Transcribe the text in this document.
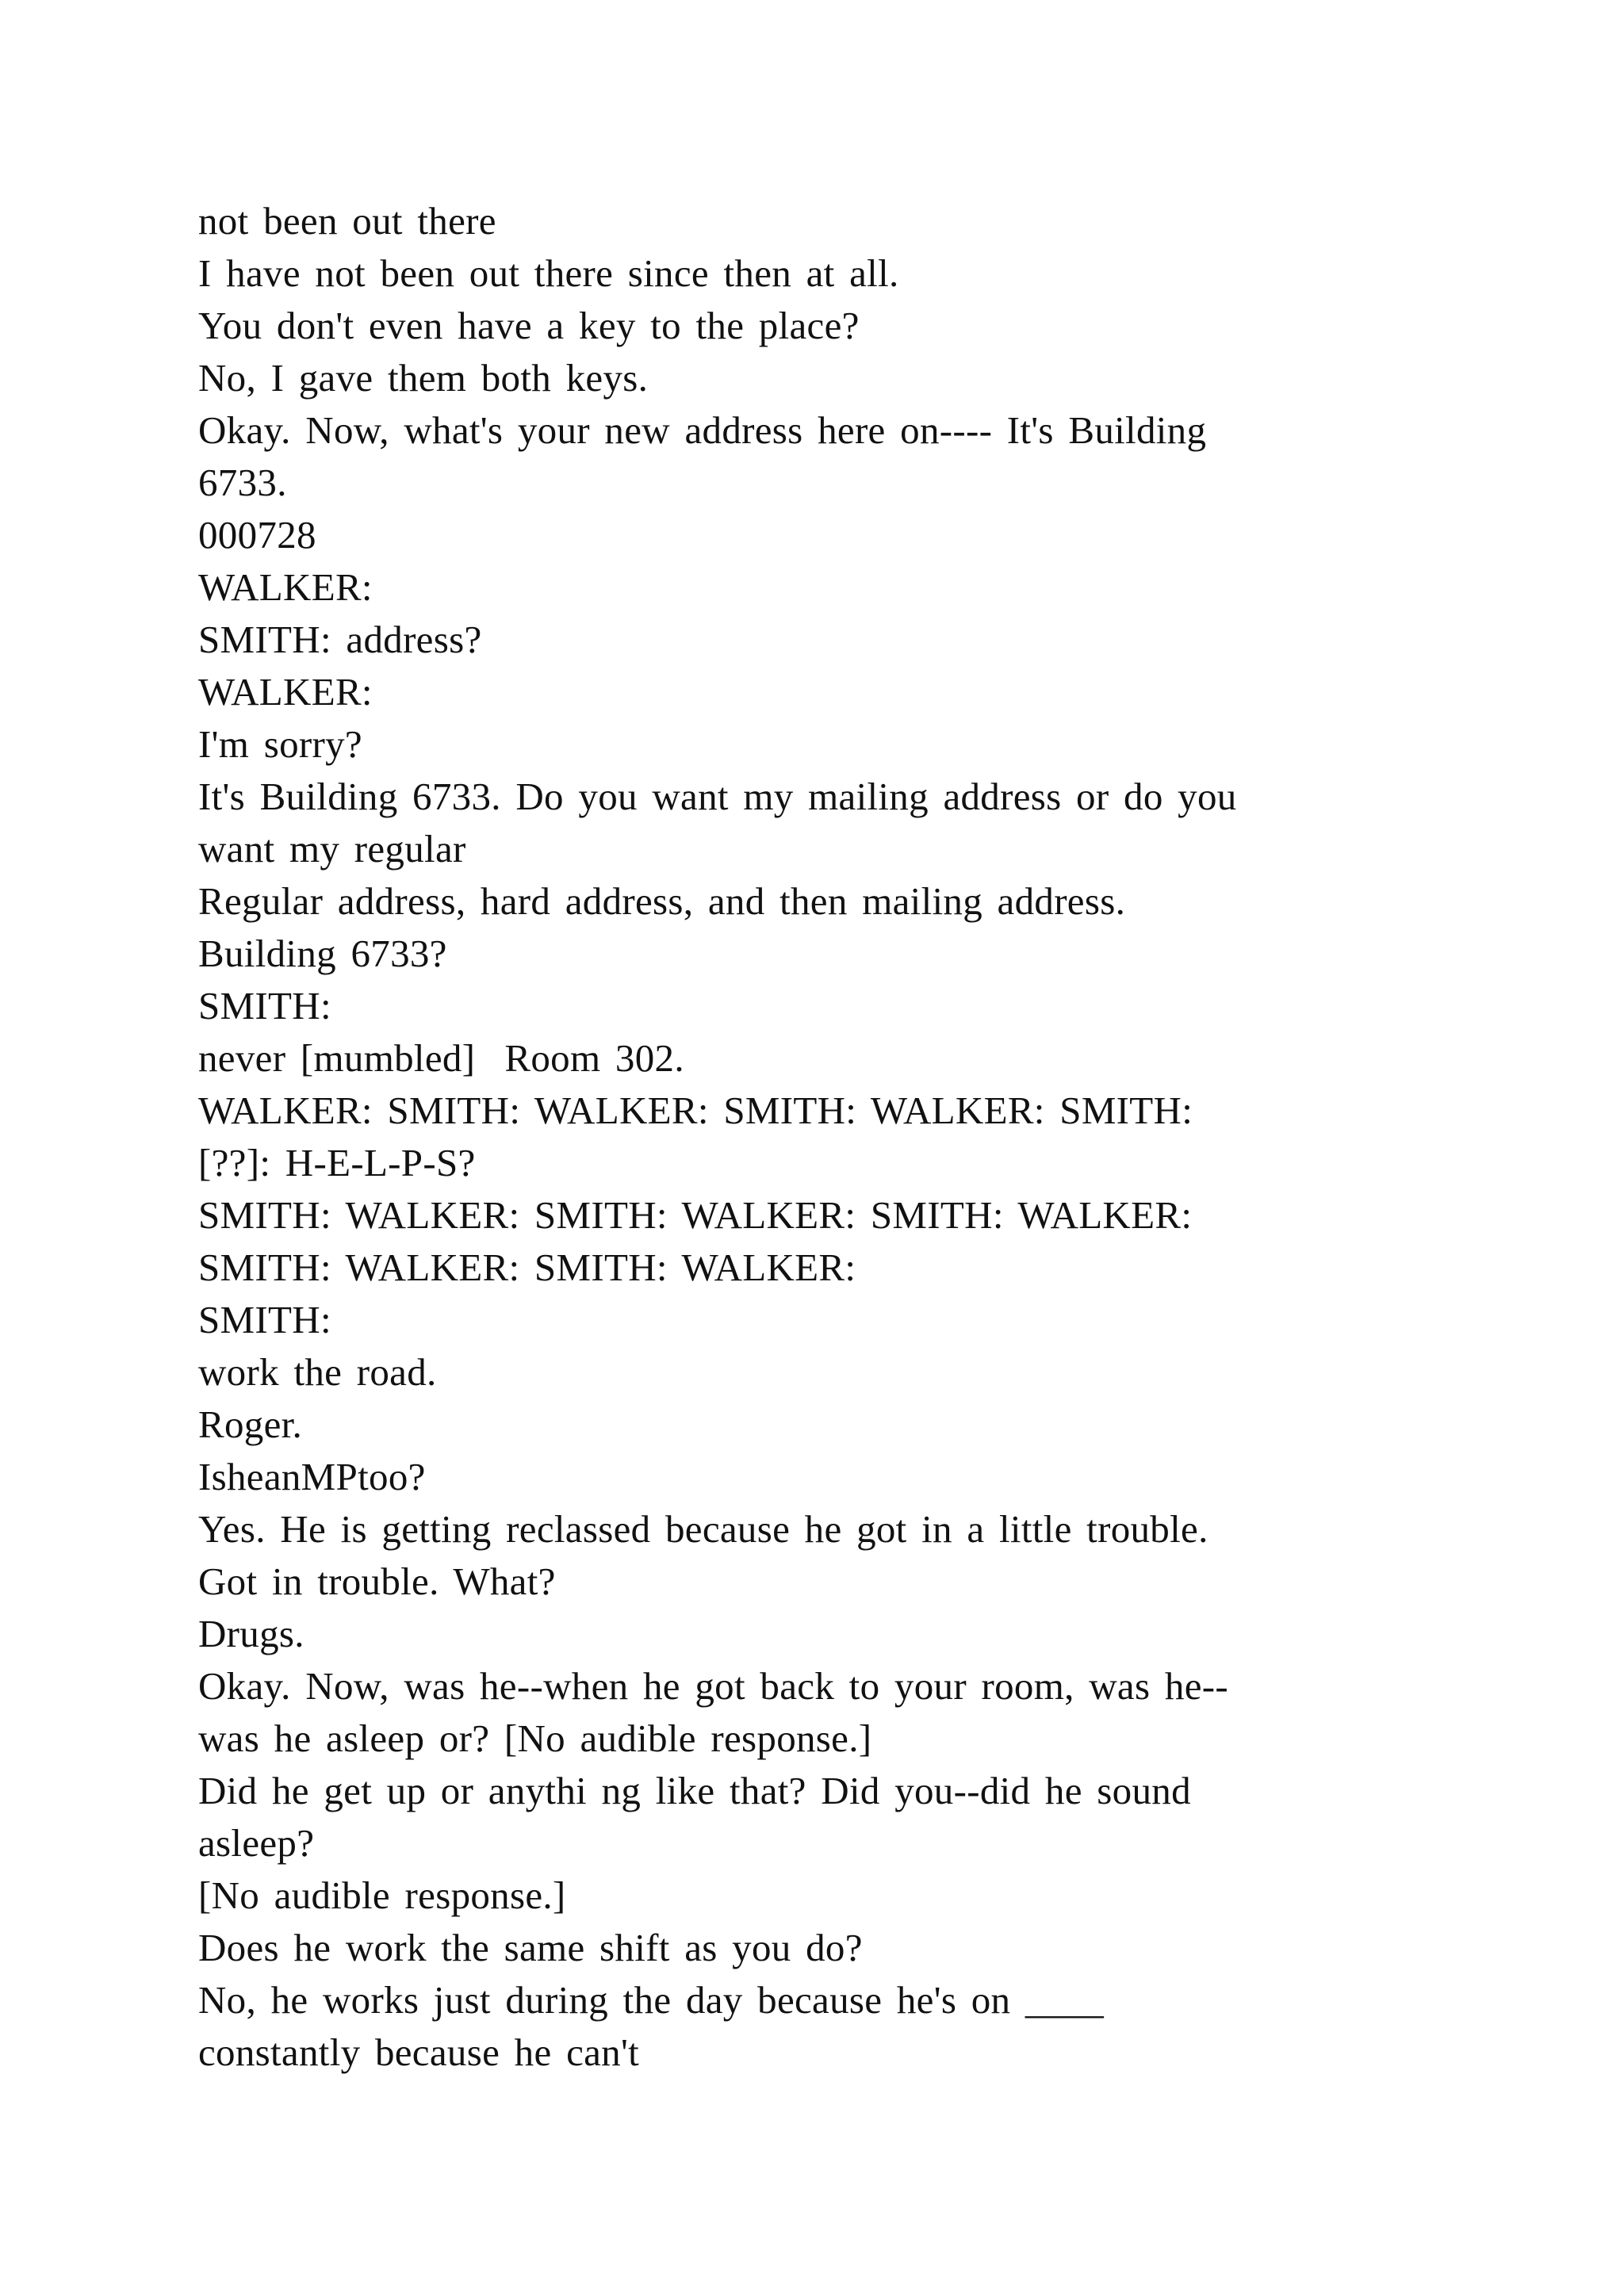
not been out there
I have not been out there since then at all.
You don't even have a key to the place?
No, I gave them both keys.
Okay. Now, what's your new address here on---- It's Building
6733.
000728
WALKER:
SMITH: address?
WALKER:
I'm sorry?
It's Building 6733. Do you want my mailing address or do you
want my regular
Regular address, hard address, and then mailing address.
Building 6733?
SMITH:
never [mumbled]  Room 302.
WALKER: SMITH: WALKER: SMITH: WALKER: SMITH:
[??]: H-E-L-P-S?
SMITH: WALKER: SMITH: WALKER: SMITH: WALKER:
SMITH: WALKER: SMITH: WALKER:
SMITH:
work the road.
Roger.
IsheanMPtoo?
Yes. He is getting reclassed because he got in a little trouble.
Got in trouble. What?
Drugs.
Okay. Now, was he--when he got back to your room, was he--
was he asleep or? [No audible response.]
Did he get up or anythi ng like that? Did you--did he sound
asleep?
[No audible response.]
Does he work the same shift as you do?
No, he works just during the day because he's on ____
constantly because he can't
